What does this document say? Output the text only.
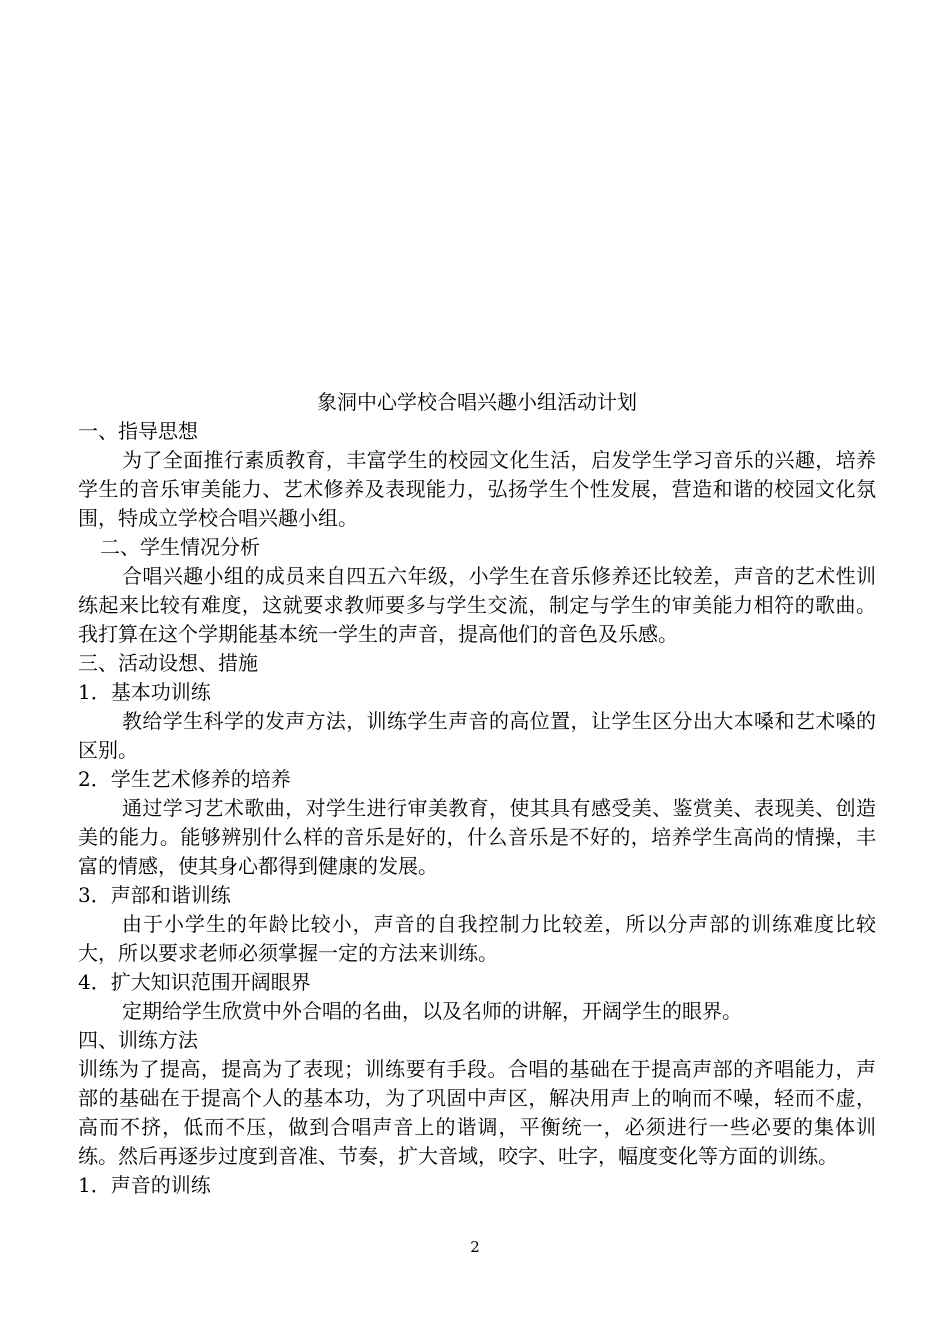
象洞中心学校合唱兴趣小组活动计划

一、指导思想

为了全面推行素质教育，丰富学生的校园文化生活，启发学生学习音乐的兴趣，培养学生的音乐审美能力、艺术修养及表现能力，弘扬学生个性发展，营造和谐的校园文化氛围，特成立学校合唱兴趣小组。

二、学生情况分析

合唱兴趣小组的成员来自四五六年级，小学生在音乐修养还比较差，声音的艺术性训练起来比较有难度，这就要求教师要多与学生交流，制定与学生的审美能力相符的歌曲。我打算在这个学期能基本统一学生的声音，提高他们的音色及乐感。

三、活动设想、措施

1．基本功训练

教给学生科学的发声方法，训练学生声音的高位置，让学生区分出大本嗓和艺术嗓的区别。

2．学生艺术修养的培养

通过学习艺术歌曲，对学生进行审美教育，使其具有感受美、鉴赏美、表现美、创造美的能力。能够辨别什么样的音乐是好的，什么音乐是不好的，培养学生高尚的情操，丰富的情感，使其身心都得到健康的发展。

3．声部和谐训练

由于小学生的年龄比较小，声音的自我控制力比较差，所以分声部的训练难度比较大，所以要求老师必须掌握一定的方法来训练。

4．扩大知识范围开阔眼界

定期给学生欣赏中外合唱的名曲，以及名师的讲解，开阔学生的眼界。

四、训练方法

训练为了提高，提高为了表现；训练要有手段。合唱的基础在于提高声部的齐唱能力，声部的基础在于提高个人的基本功，为了巩固中声区，解决用声上的响而不噪，轻而不虚，高而不挤，低而不压，做到合唱声音上的谐调，平衡统一，必须进行一些必要的集体训练。然后再逐步过度到音准、节奏，扩大音域，咬字、吐字，幅度变化等方面的训练。

1．声音的训练

2
